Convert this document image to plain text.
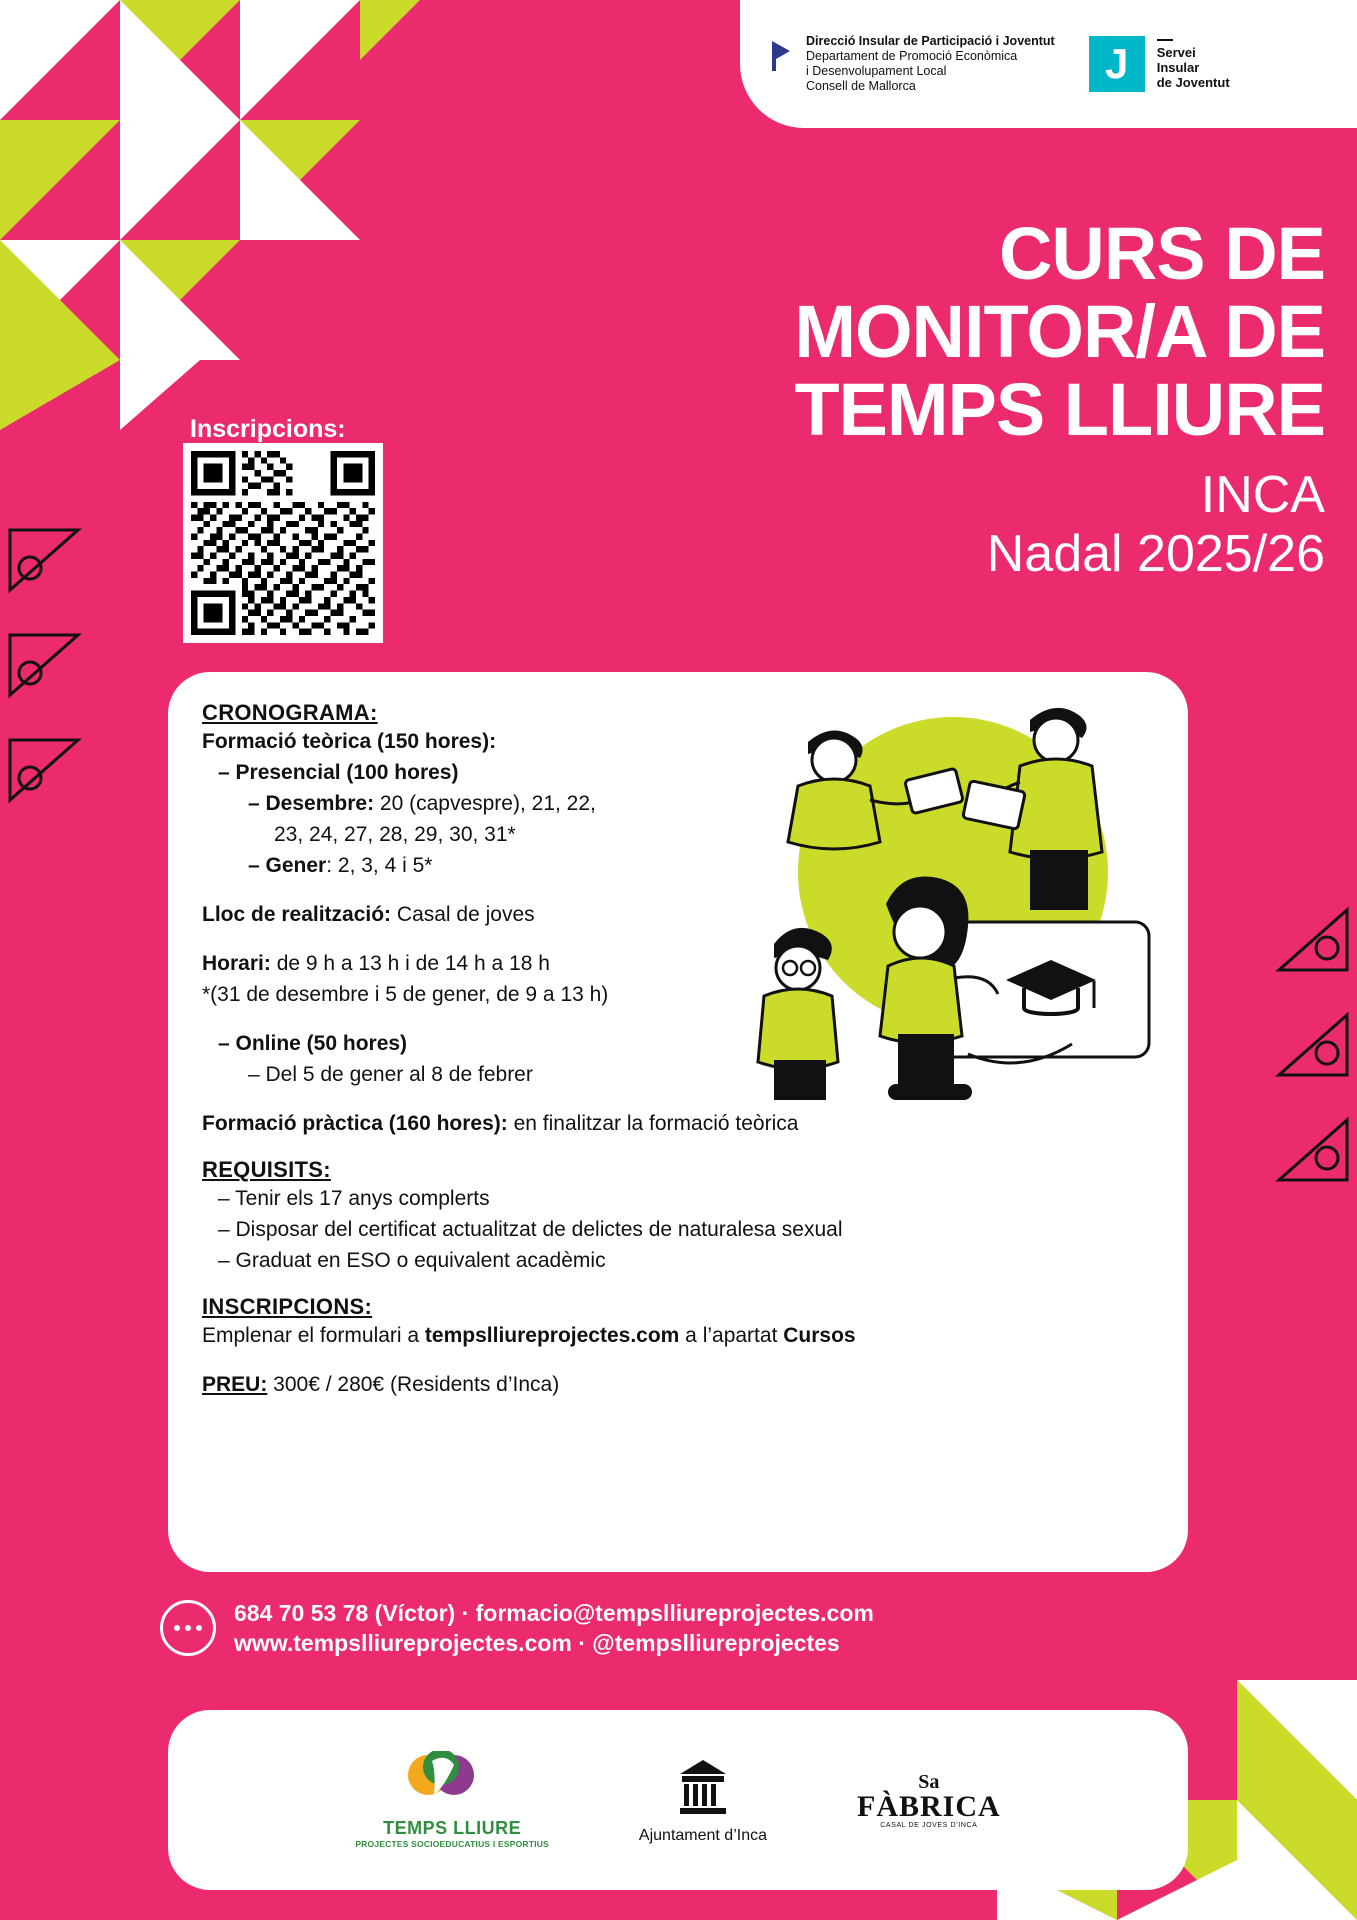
Direcció Insular de Participació i Joventut
Departament de Promoció Econòmica
i Desenvolupament Local
Consell de Mallorca	J	Servei
Insular
de Joventut
CURS DE
MONITOR/A DE
TEMPS LLIURE
INCA
Nadal 2025/26
Inscripcions:
CRONOGRAMA:
Formació teòrica (150 hores):
– Presencial (100 hores)
– Desembre: 20 (capvespre), 21, 22,
23, 24, 27, 28, 29, 30, 31*
– Gener: 2, 3, 4 i 5*
Lloc de realització: Casal de joves
Horari: de 9 h a 13 h i de 14 h a 18 h
*(31 de desembre i 5 de gener, de 9 a 13 h)
– Online (50 hores)
– Del 5 de gener al 8 de febrer
Formació pràctica (160 hores): en finalitzar la formació teòrica
REQUISITS:
– Tenir els 17 anys complerts
– Disposar del certificat actualitzat de delictes de naturalesa sexual
– Graduat en ESO o equivalent acadèmic
INSCRIPCIONS:
Emplenar el formulari a tempslliureprojectes.com a l’apartat Cursos
PREU: 300€ / 280€ (Residents d’Inca)
684 70 53 78 (Víctor) · formacio@tempslliureprojectes.com
www.tempslliureprojectes.com · @tempslliureprojectes
TEMPS LLIURE
PROJECTES SOCIOEDUCATIUS I ESPORTIUS
Ajuntament d’Inca
Sa
FÀBRICA
CASAL DE JOVES D’INCA
